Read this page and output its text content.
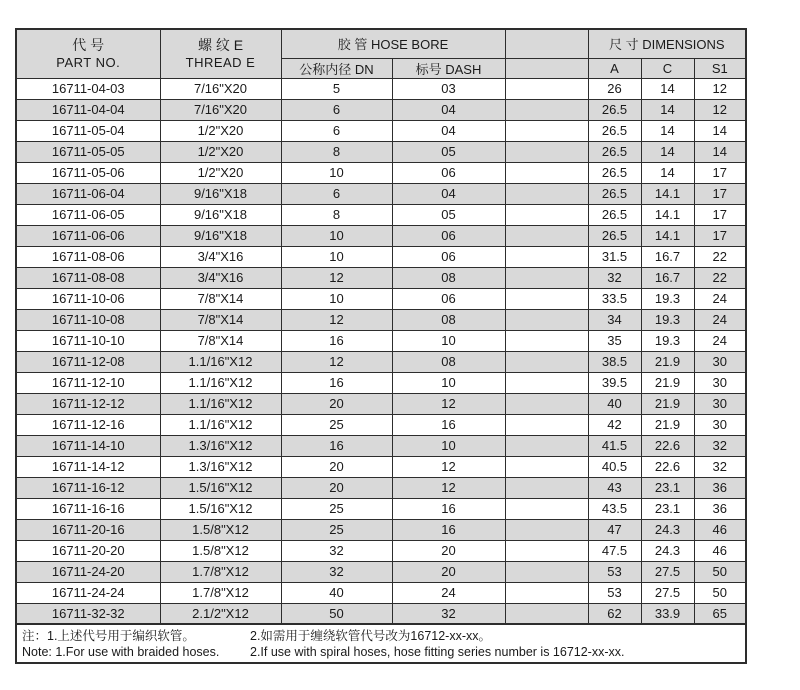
代 号
PART NO.

螺 纹 E
THREAD E
	胶 管 HOSE BORE		尺 寸 DIMENSIONS
		公称内径 DN	标号 DASH		A	C	S1
16711-04-03	7/16"X20	5	03		26	14	12
16711-04-04	7/16"X20	6	04		26.5	14	12
16711-05-04	1/2"X20	6	04		26.5	14	14
16711-05-05	1/2"X20	8	05		26.5	14	14
16711-05-06	1/2"X20	10	06		26.5	14	17
16711-06-04	9/16"X18	6	04		26.5	14.1	17
16711-06-05	9/16"X18	8	05		26.5	14.1	17
16711-06-06	9/16"X18	10	06		26.5	14.1	17
16711-08-06	3/4"X16	10	06		31.5	16.7	22
16711-08-08	3/4"X16	12	08		32	16.7	22
16711-10-06	7/8"X14	10	06		33.5	19.3	24
16711-10-08	7/8"X14	12	08		34	19.3	24
16711-10-10	7/8"X14	16	10		35	19.3	24
16711-12-08	1.1/16"X12	12	08		38.5	21.9	30
16711-12-10	1.1/16"X12	16	10		39.5	21.9	30
16711-12-12	1.1/16"X12	20	12		40	21.9	30
16711-12-16	1.1/16"X12	25	16		42	21.9	30
16711-14-10	1.3/16"X12	16	10		41.5	22.6	32
16711-14-12	1.3/16"X12	20	12		40.5	22.6	32
16711-16-12	1.5/16"X12	20	12		43	23.1	36
16711-16-16	1.5/16"X12	25	16		43.5	23.1	36
16711-20-16	1.5/8"X12	25	16		47	24.3	46
16711-20-20	1.5/8"X12	32	20		47.5	24.3	46
16711-24-20	1.7/8"X12	32	20		53	27.5	50
16711-24-24	1.7/8"X12	40	24		53	27.5	50
16711-32-32	2.1/2"X12	50	32		62	33.9	65

注：1.上述代号用于编织软管。 2.如需用于缠绕软管代号改为16712-xx-xx。
Note: 1.For use with braided hoses. 2.If use with spiral hoses, hose fitting series number is 16712-xx-xx.							
